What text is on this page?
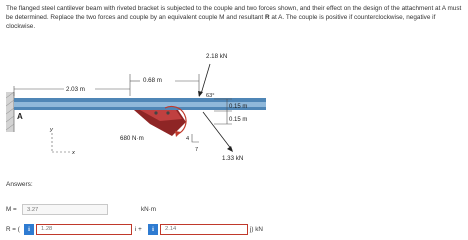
The flanged steel cantilever beam with riveted bracket is subjected to the couple and two forces shown, and their effect on the design of the attachment at A must be determined. Replace the two forces and couple by an equivalent couple M and resultant R at A. The couple is positive if counterclockwise, negative if clockwise.
A
2.03 m
0.68 m
2.18 kN
63°
0.15 m
0.15 m
680 N·m	4
7
1.33 kN
y
x
Answers:
M =	3.27	kN·m
R = (	i	1.28	i +	i	2.14	j) kN
